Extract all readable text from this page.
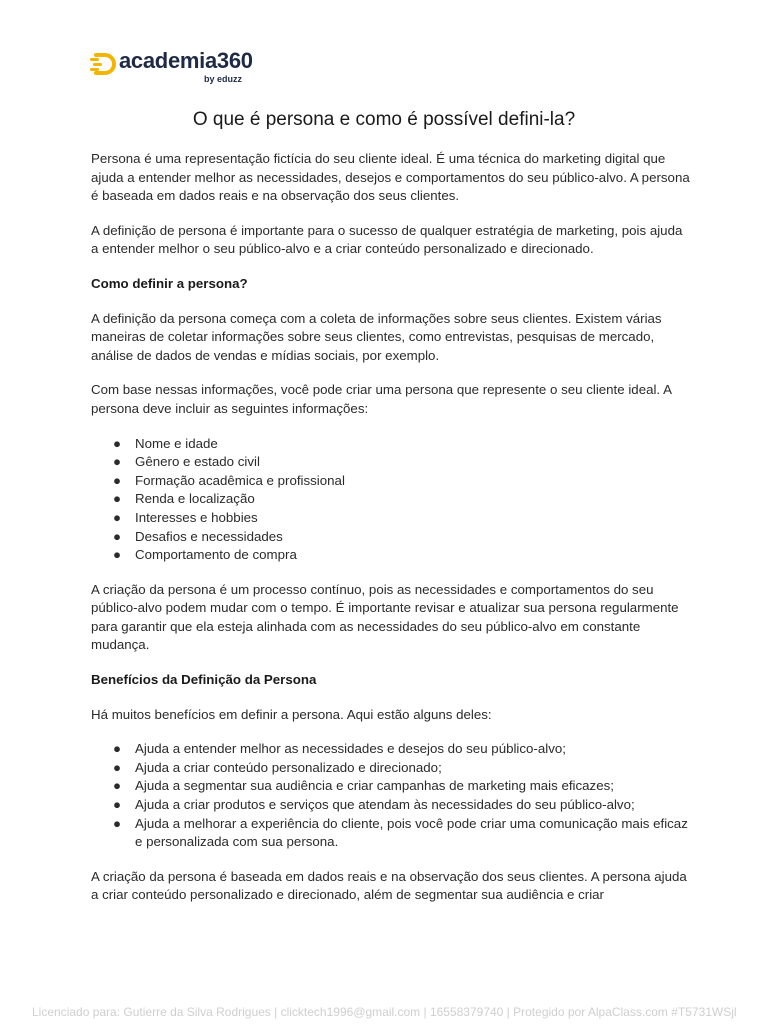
academia360
by eduzz
O que é persona e como é possível defini-la?

Persona é uma representação fictícia do seu cliente ideal. É uma técnica do marketing digital que ajuda a entender melhor as necessidades, desejos e comportamentos do seu público-alvo. A persona é baseada em dados reais e na observação dos seus clientes.

A definição de persona é importante para o sucesso de qualquer estratégia de marketing, pois ajuda a entender melhor o seu público-alvo e a criar conteúdo personalizado e direcionado.

Como definir a persona?

A definição da persona começa com a coleta de informações sobre seus clientes. Existem várias maneiras de coletar informações sobre seus clientes, como entrevistas, pesquisas de mercado, análise de dados de vendas e mídias sociais, por exemplo.

Com base nessas informações, você pode criar uma persona que represente o seu cliente ideal. A persona deve incluir as seguintes informações:

● Nome e idade
● Gênero e estado civil
● Formação acadêmica e profissional
● Renda e localização
● Interesses e hobbies
● Desafios e necessidades
● Comportamento de compra

A criação da persona é um processo contínuo, pois as necessidades e comportamentos do seu público-alvo podem mudar com o tempo. É importante revisar e atualizar sua persona regularmente para garantir que ela esteja alinhada com as necessidades do seu público-alvo em constante mudança.

Benefícios da Definição da Persona

Há muitos benefícios em definir a persona. Aqui estão alguns deles:

● Ajuda a entender melhor as necessidades e desejos do seu público-alvo;
● Ajuda a criar conteúdo personalizado e direcionado;
● Ajuda a segmentar sua audiência e criar campanhas de marketing mais eficazes;
● Ajuda a criar produtos e serviços que atendam às necessidades do seu público-alvo;
● Ajuda a melhorar a experiência do cliente, pois você pode criar uma comunicação mais eficaz e personalizada com sua persona.

A criação da persona é baseada em dados reais e na observação dos seus clientes. A persona ajuda a criar conteúdo personalizado e direcionado, além de segmentar sua audiência e criar

Licenciado para: Gutierre da Silva Rodrigues | clicktech1996@gmail.com | 16558379740 | Protegido por AlpaClass.com #T5731WSjl
